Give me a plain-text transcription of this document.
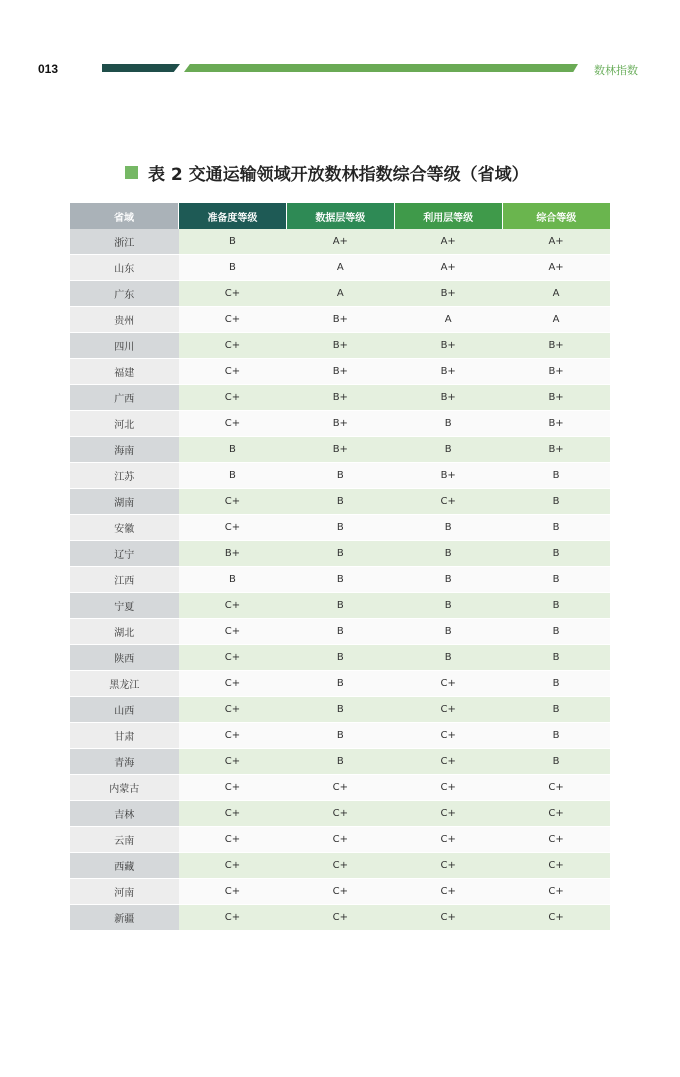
013	数林指数
表 2 交通运输领域开放数林指数综合等级（省域）
省域	准备度等级	数据层等级	利用层等级	综合等级
浙江	B	A+	A+	A+
山东	B	A	A+	A+
广东	C+	A	B+	A
贵州	C+	B+	A	A
四川	C+	B+	B+	B+
福建	C+	B+	B+	B+
广西	C+	B+	B+	B+
河北	C+	B+	B	B+
海南	B	B+	B	B+
江苏	B	B	B+	B
湖南	C+	B	C+	B
安徽	C+	B	B	B
辽宁	B+	B	B	B
江西	B	B	B	B
宁夏	C+	B	B	B
湖北	C+	B	B	B
陕西	C+	B	B	B
黑龙江	C+	B	C+	B
山西	C+	B	C+	B
甘肃	C+	B	C+	B
青海	C+	B	C+	B
内蒙古	C+	C+	C+	C+
吉林	C+	C+	C+	C+
云南	C+	C+	C+	C+
西藏	C+	C+	C+	C+
河南	C+	C+	C+	C+
新疆	C+	C+	C+	C+
